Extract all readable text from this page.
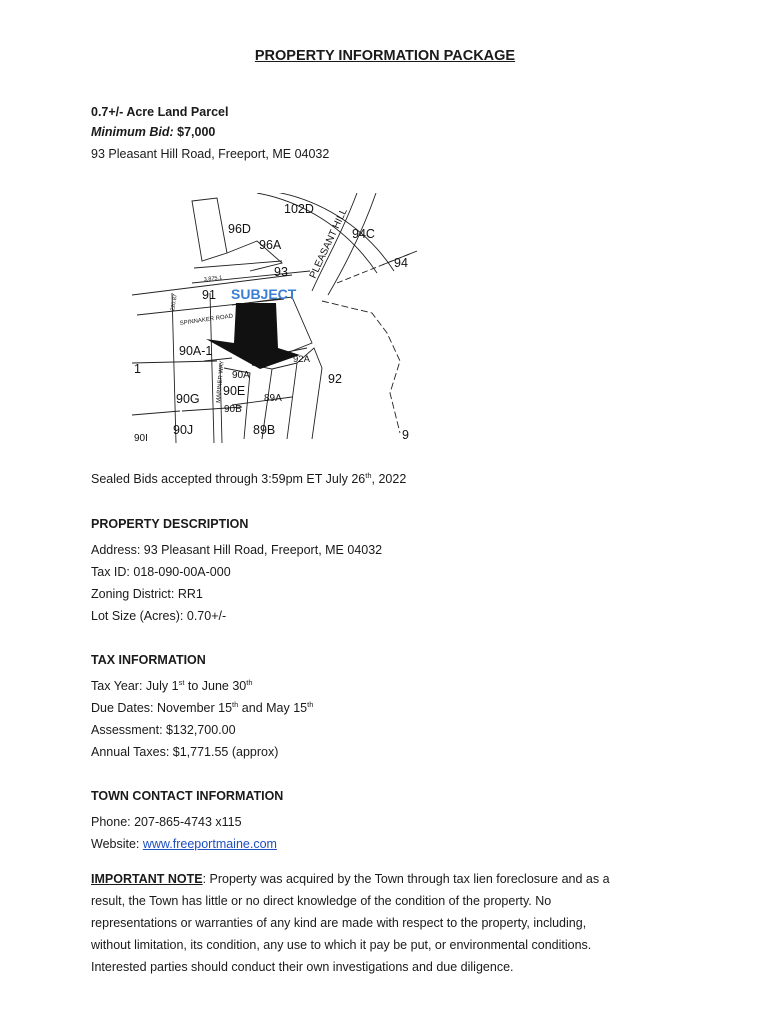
PROPERTY INFORMATION PACKAGE
0.7+/- Acre Land Parcel
Minimum Bid: $7,000
93 Pleasant Hill Road, Freeport, ME 04032
102D
96D
96A
94C
94
93
91 SUBJECT
90A-1
1
92
92A
90A
90E
90G
90B
89A
90J	89B	9
90I
PLEASANT HILL
SPINNAKER ROAD
MARINER WAY
3,875.1
220.87
Sealed Bids accepted through 3:59pm ET July 26th, 2022
PROPERTY DESCRIPTION
Address: 93 Pleasant Hill Road, Freeport, ME 04032
Tax ID: 018-090-00A-000
Zoning District: RR1
Lot Size (Acres): 0.70+/-
TAX INFORMATION
Tax Year: July 1st to June 30th
Due Dates: November 15th and May 15th
Assessment: $132,700.00
Annual Taxes: $1,771.55 (approx)
TOWN CONTACT INFORMATION
Phone: 207-865-4743 x115
Website: www.freeportmaine.com
IMPORTANT NOTE: Property was acquired by the Town through tax lien foreclosure and as a
result, the Town has little or no direct knowledge of the condition of the property. No
representations or warranties of any kind are made with respect to the property, including,
without limitation, its condition, any use to which it pay be put, or environmental conditions.
Interested parties should conduct their own investigations and due diligence.
